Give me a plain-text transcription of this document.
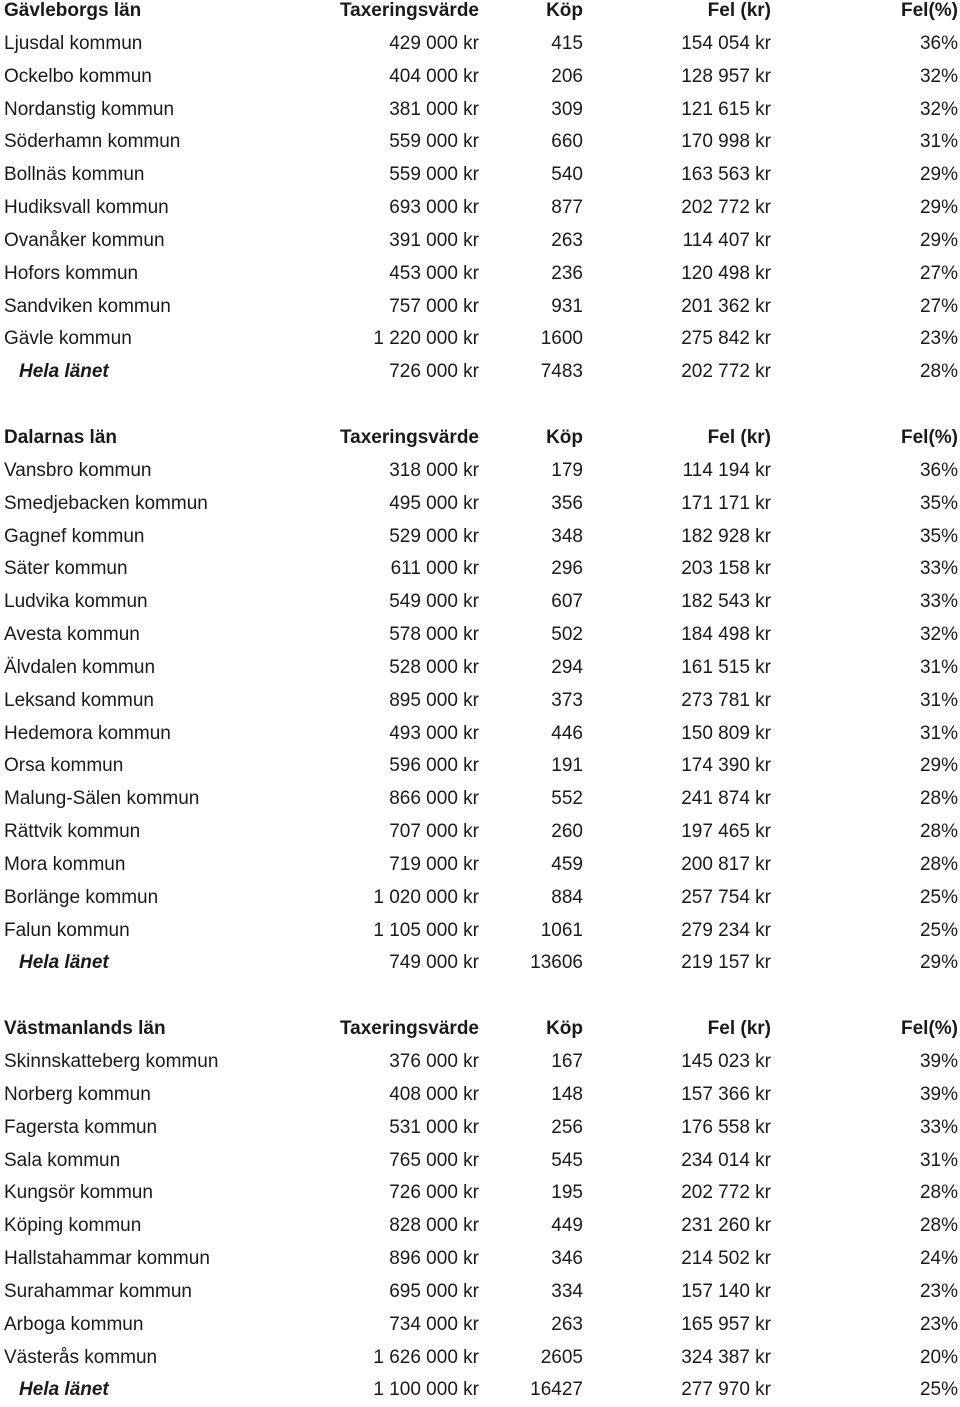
Gävleborgs län	Taxeringsvärde	Köp	Fel (kr)	Fel(%)
Ljusdal kommun	429 000 kr	415	154 054 kr	36%
Ockelbo kommun	404 000 kr	206	128 957 kr	32%
Nordanstig kommun	381 000 kr	309	121 615 kr	32%
Söderhamn kommun	559 000 kr	660	170 998 kr	31%
Bollnäs kommun	559 000 kr	540	163 563 kr	29%
Hudiksvall kommun	693 000 kr	877	202 772 kr	29%
Ovanåker kommun	391 000 kr	263	114 407 kr	29%
Hofors kommun	453 000 kr	236	120 498 kr	27%
Sandviken kommun	757 000 kr	931	201 362 kr	27%
Gävle kommun	1 220 000 kr	1600	275 842 kr	23%
Hela länet	726 000 kr	7483	202 772 kr	28%
Dalarnas län	Taxeringsvärde	Köp	Fel (kr)	Fel(%)
Vansbro kommun	318 000 kr	179	114 194 kr	36%
Smedjebacken kommun	495 000 kr	356	171 171 kr	35%
Gagnef kommun	529 000 kr	348	182 928 kr	35%
Säter kommun	611 000 kr	296	203 158 kr	33%
Ludvika kommun	549 000 kr	607	182 543 kr	33%
Avesta kommun	578 000 kr	502	184 498 kr	32%
Älvdalen kommun	528 000 kr	294	161 515 kr	31%
Leksand kommun	895 000 kr	373	273 781 kr	31%
Hedemora kommun	493 000 kr	446	150 809 kr	31%
Orsa kommun	596 000 kr	191	174 390 kr	29%
Malung-Sälen kommun	866 000 kr	552	241 874 kr	28%
Rättvik kommun	707 000 kr	260	197 465 kr	28%
Mora kommun	719 000 kr	459	200 817 kr	28%
Borlänge kommun	1 020 000 kr	884	257 754 kr	25%
Falun kommun	1 105 000 kr	1061	279 234 kr	25%
Hela länet	749 000 kr	13606	219 157 kr	29%
Västmanlands län	Taxeringsvärde	Köp	Fel (kr)	Fel(%)
Skinnskatteberg kommun	376 000 kr	167	145 023 kr	39%
Norberg kommun	408 000 kr	148	157 366 kr	39%
Fagersta kommun	531 000 kr	256	176 558 kr	33%
Sala kommun	765 000 kr	545	234 014 kr	31%
Kungsör kommun	726 000 kr	195	202 772 kr	28%
Köping kommun	828 000 kr	449	231 260 kr	28%
Hallstahammar kommun	896 000 kr	346	214 502 kr	24%
Surahammar kommun	695 000 kr	334	157 140 kr	23%
Arboga kommun	734 000 kr	263	165 957 kr	23%
Västerås kommun	1 626 000 kr	2605	324 387 kr	20%
Hela länet	1 100 000 kr	16427	277 970 kr	25%
